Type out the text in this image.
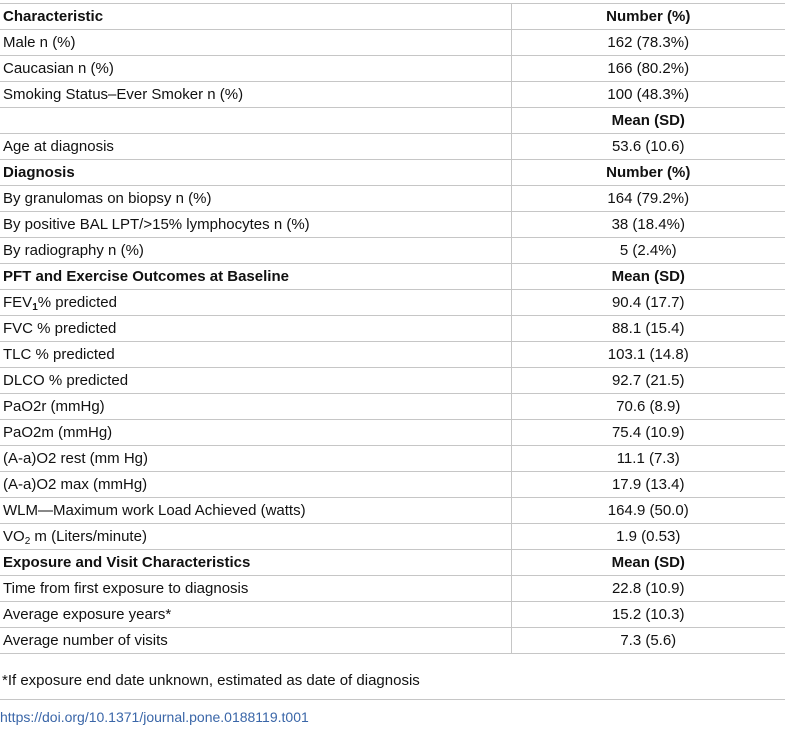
Characteristic	Number (%)
Male n (%)	162 (78.3%)
Caucasian n (%)	166 (80.2%)
Smoking Status–Ever Smoker n (%)	100 (48.3%)
	Mean (SD)
Age at diagnosis	53.6 (10.6)
Diagnosis	Number (%)
By granulomas on biopsy n (%)	164 (79.2%)
By positive BAL LPT/>15% lymphocytes n (%)	38 (18.4%)
By radiography n (%)	5 (2.4%)
PFT and Exercise Outcomes at Baseline	Mean (SD)
$FEV_1\%$ predicted	90.4 (17.7)
FVC % predicted	88.1 (15.4)
TLC % predicted	103.1 (14.8)
DLCO % predicted	92.7 (21.5)
PaO2r (mmHg)	70.6 (8.9)
PaO2m (mmHg)	75.4 (10.9)
(A-a)O2 rest (mm Hg)	11.1 (7.3)
(A-a)O2 max (mmHg)	17.9 (13.4)
WLM—Maximum work Load Achieved (watts)	164.9 (50.0)
$VO_2$ m (Liters/minute)	1.9 (0.53)
Exposure and Visit Characteristics	Mean (SD)
Time from first exposure to diagnosis	22.8 (10.9)
Average exposure years*	15.2 (10.3)
Average number of visits	7.3 (5.6)
*If exposure end date unknown, estimated as date of diagnosis
https://doi.org/10.1371/journal.pone.0188119.t001
